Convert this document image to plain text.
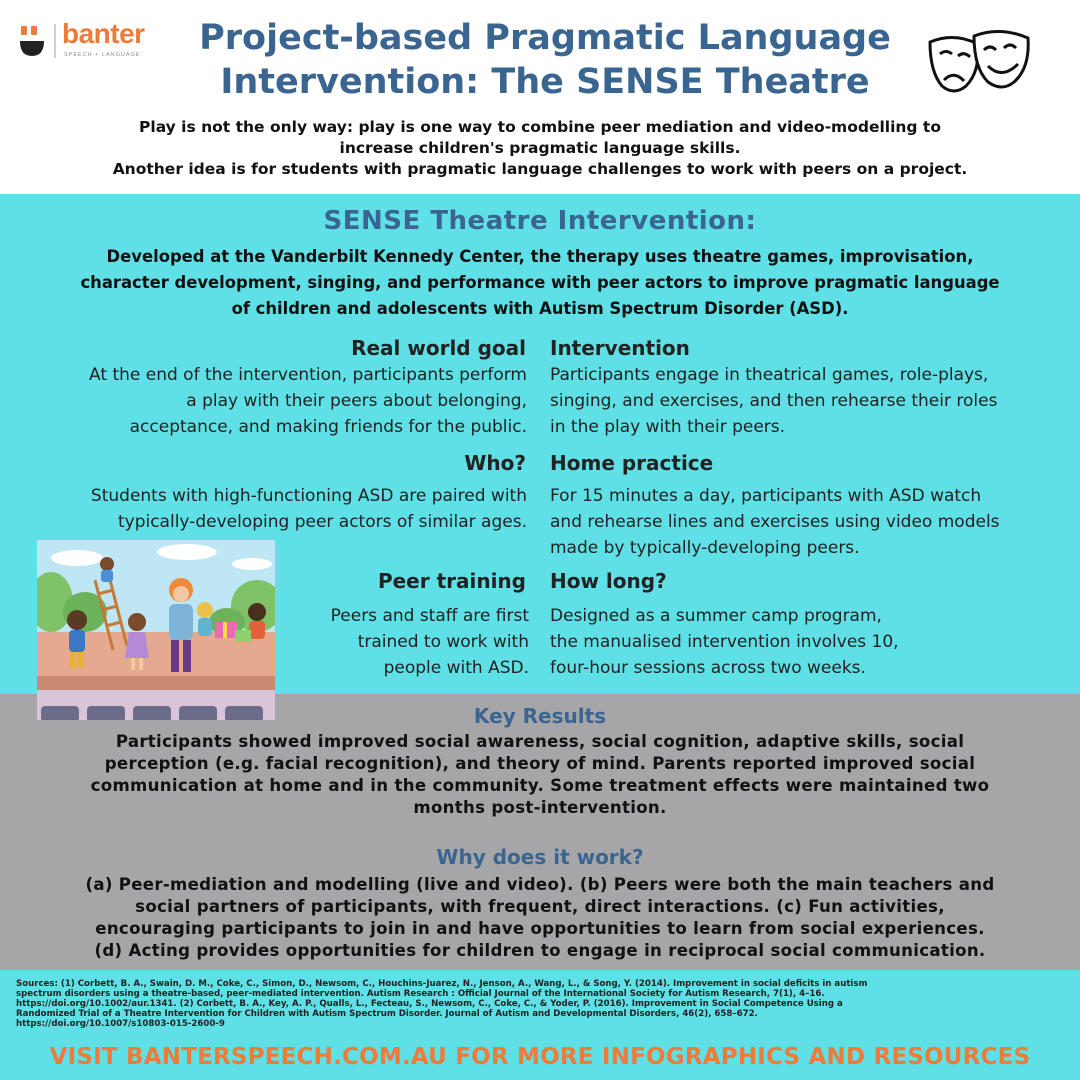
banter
SPEECH + LANGUAGE	Project-based Pragmatic Language
Intervention: The SENSE Theatre
Play is not the only way: play is one way to combine peer mediation and video-modelling to
increase children's pragmatic language skills.
Another idea is for students with pragmatic language challenges to work with peers on a project.
SENSE Theatre Intervention:
Developed at the Vanderbilt Kennedy Center, the therapy uses theatre games, improvisation,
character development, singing, and performance with peer actors to improve pragmatic language
of children and adolescents with Autism Spectrum Disorder (ASD).
Real world goal
At the end of the intervention, participants perform
a play with their peers about belonging,
acceptance, and making friends for the public.
Intervention
Participants engage in theatrical games, role-plays,
singing, and exercises, and then rehearse their roles
in the play with their peers.
Who?
Students with high-functioning ASD are paired with
typically-developing peer actors of similar ages.
Home practice
For 15 minutes a day, participants with ASD watch
and rehearse lines and exercises using video models
made by typically-developing peers.
Peer training
Peers and staff are first
trained to work with
people with ASD.
How long?
Designed as a summer camp program,
the manualised intervention involves 10,
four-hour sessions across two weeks.
Key Results
Participants showed improved social awareness, social cognition, adaptive skills, social
perception (e.g. facial recognition), and theory of mind. Parents reported improved social
communication at home and in the community. Some treatment effects were maintained two
months post-intervention.
Why does it work?
(a) Peer-mediation and modelling (live and video). (b) Peers were both the main teachers and
social partners of participants, with frequent, direct interactions. (c) Fun activities,
encouraging participants to join in and have opportunities to learn from social experiences.
(d) Acting provides opportunities for children to engage in reciprocal social communication.
Sources: (1) Corbett, B. A., Swain, D. M., Coke, C., Simon, D., Newsom, C., Houchins-Juarez, N., Jenson, A., Wang, L., & Song, Y. (2014). Improvement in social deficits in autism
spectrum disorders using a theatre-based, peer-mediated intervention. Autism Research : Official Journal of the International Society for Autism Research, 7(1), 4–16.
https://doi.org/10.1002/aur.1341. (2) Corbett, B. A., Key, A. P., Qualls, L., Fecteau, S., Newsom, C., Coke, C., & Yoder, P. (2016). Improvement in Social Competence Using a
Randomized Trial of a Theatre Intervention for Children with Autism Spectrum Disorder. Journal of Autism and Developmental Disorders, 46(2), 658–672.
https://doi.org/10.1007/s10803-015-2600-9
VISIT BANTERSPEECH.COM.AU FOR MORE INFOGRAPHICS AND RESOURCES
